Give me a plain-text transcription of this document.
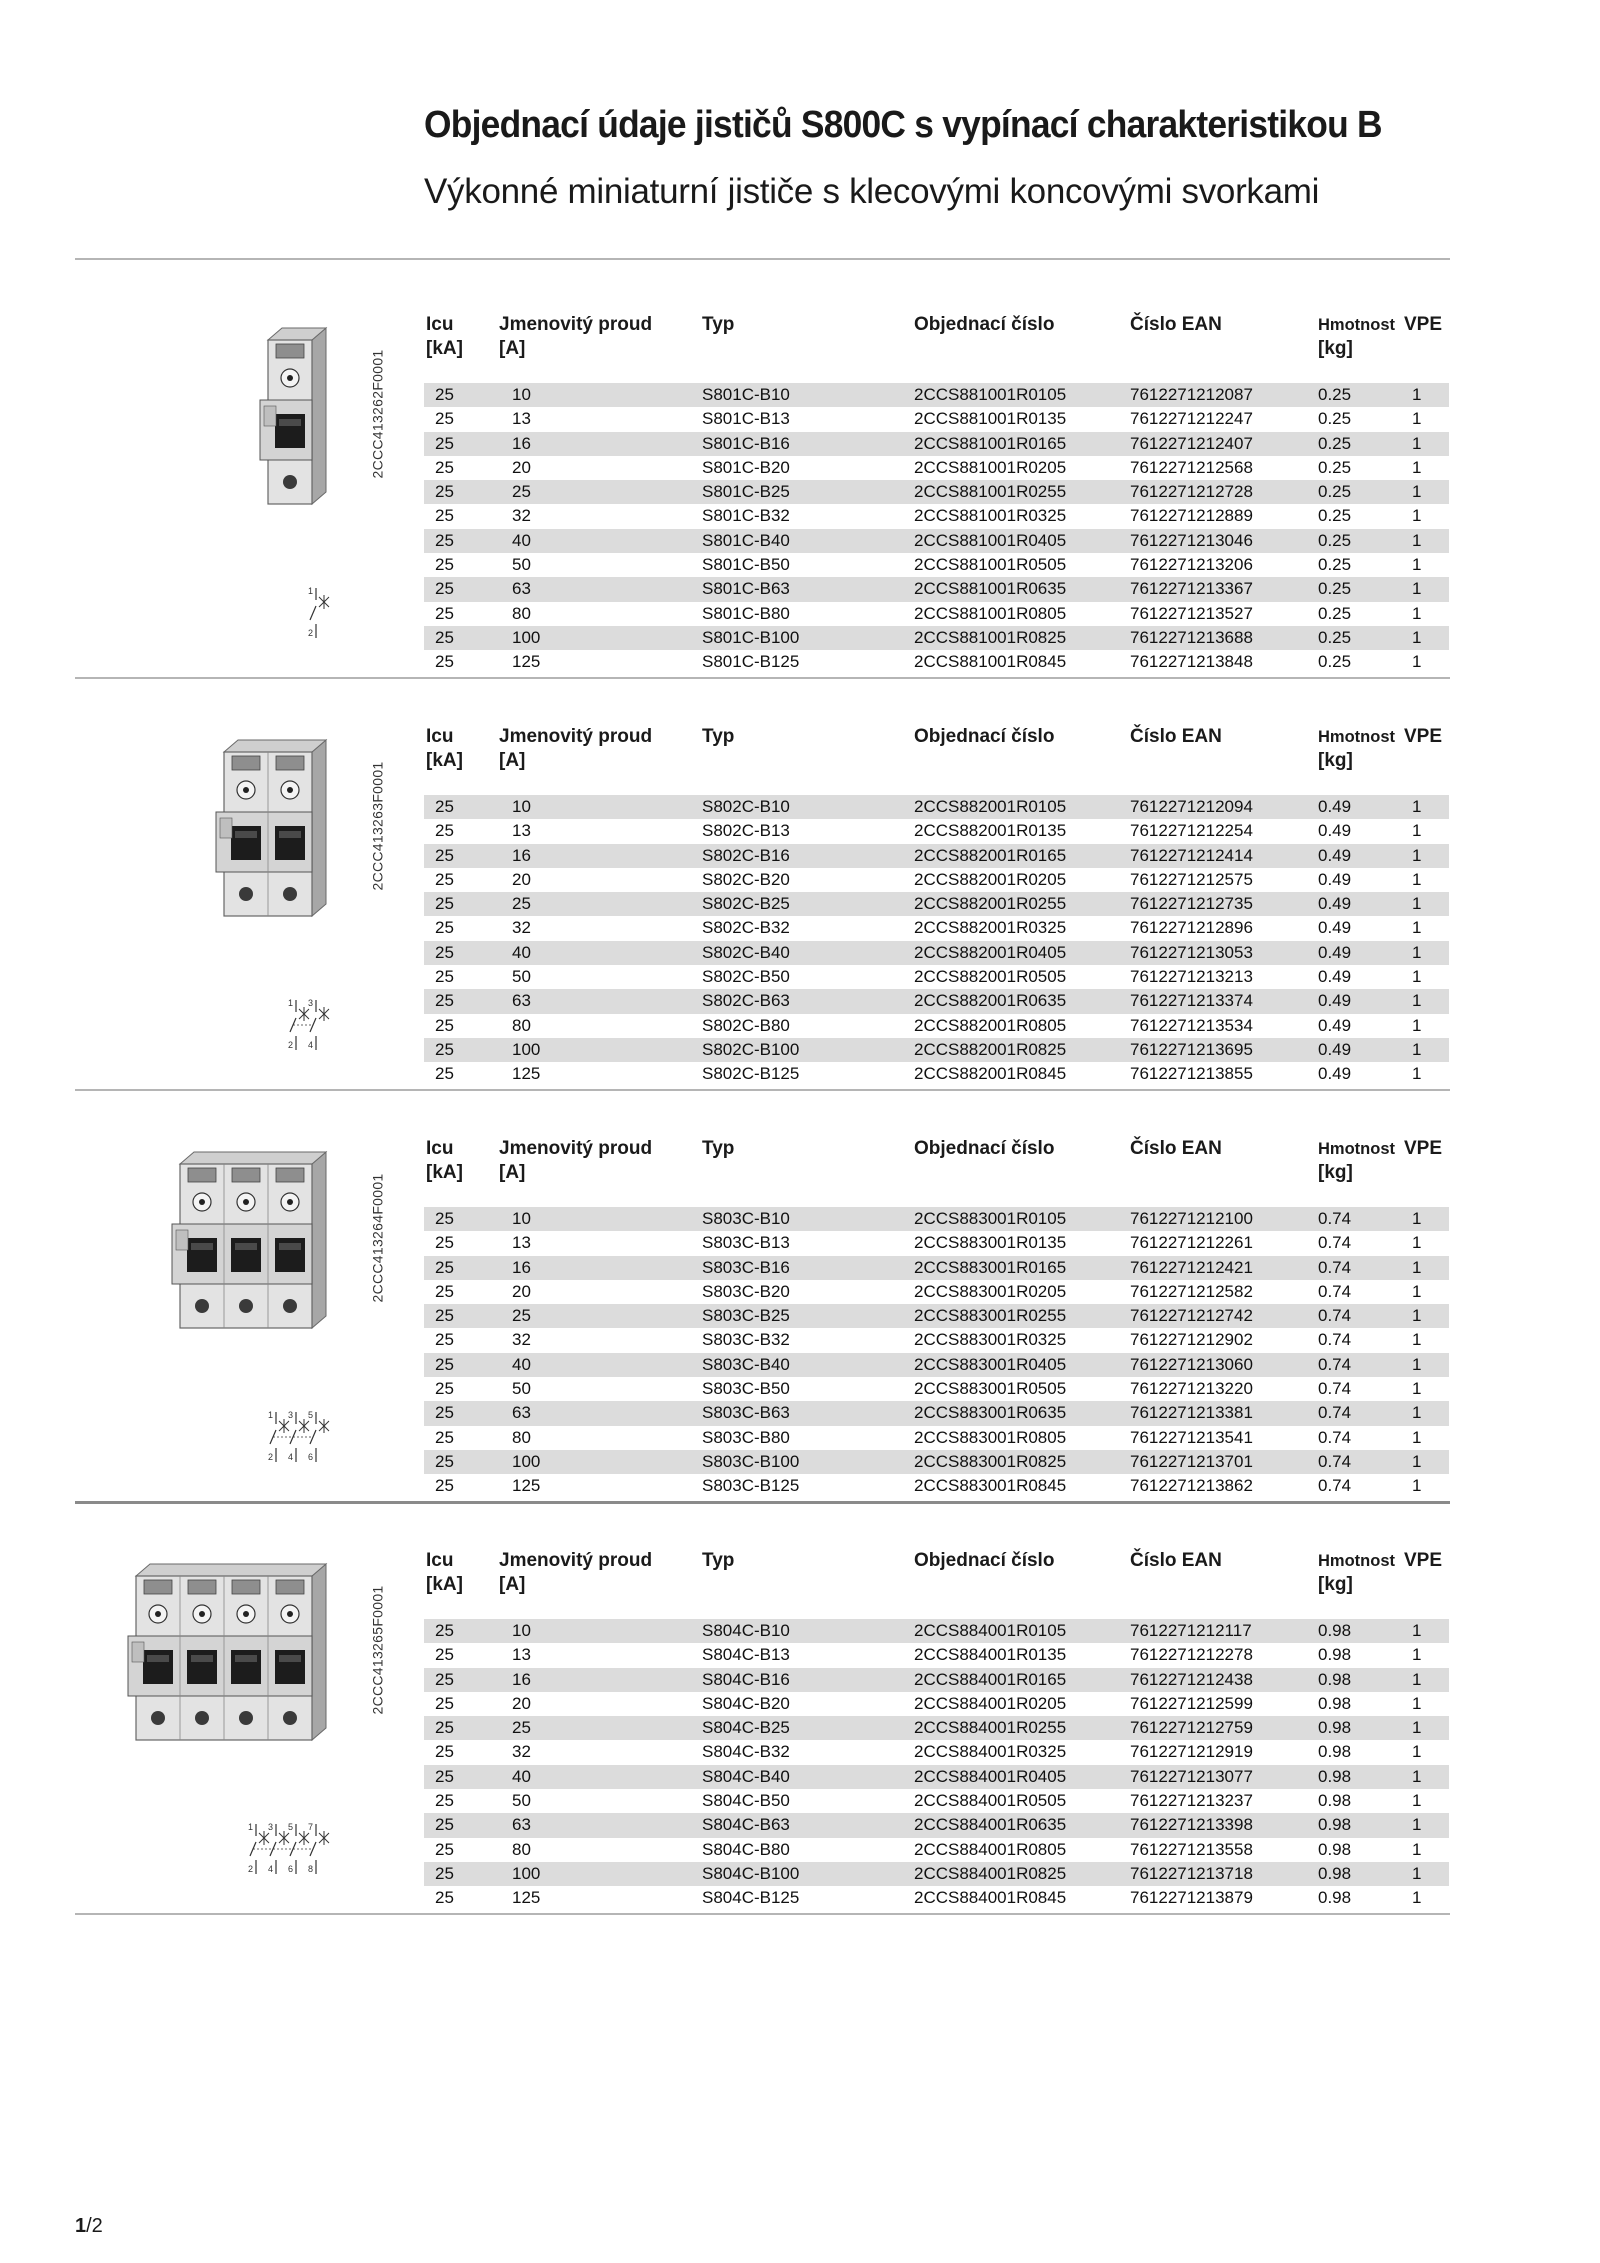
Objednací údaje jističů S800C s vypínací charakteristikou B
Výkonné miniaturní jističe s klecovými koncovými svorkami
2CCC413262F0001
1
2
Icu Jmenovitý proud	Typ	Objednací číslo	Číslo EAN	Hmotnost VPE
[kA] [A]	[kg]
25	10	S801C-B10	2CCS881001R0105	7612271212087	0.25	1
25	13	S801C-B13	2CCS881001R0135	7612271212247	0.25	1
25	16	S801C-B16	2CCS881001R0165	7612271212407	0.25	1
25	20	S801C-B20	2CCS881001R0205	7612271212568	0.25	1
25	25	S801C-B25	2CCS881001R0255	7612271212728	0.25	1
25	32	S801C-B32	2CCS881001R0325	7612271212889	0.25	1
25	40	S801C-B40	2CCS881001R0405	7612271213046	0.25	1
25	50	S801C-B50	2CCS881001R0505	7612271213206	0.25	1
25	63	S801C-B63	2CCS881001R0635	7612271213367	0.25	1
25	80	S801C-B80	2CCS881001R0805	7612271213527	0.25	1
25	100	S801C-B100	2CCS881001R0825	7612271213688	0.25	1
25	125	S801C-B125	2CCS881001R0845	7612271213848	0.25	1
2CCC413263F0001
1
2
3
4
Icu Jmenovitý proud	Typ	Objednací číslo	Číslo EAN	Hmotnost VPE
[kA] [A]	[kg]
25	10	S802C-B10	2CCS882001R0105	7612271212094	0.49	1
25	13	S802C-B13	2CCS882001R0135	7612271212254	0.49	1
25	16	S802C-B16	2CCS882001R0165	7612271212414	0.49	1
25	20	S802C-B20	2CCS882001R0205	7612271212575	0.49	1
25	25	S802C-B25	2CCS882001R0255	7612271212735	0.49	1
25	32	S802C-B32	2CCS882001R0325	7612271212896	0.49	1
25	40	S802C-B40	2CCS882001R0405	7612271213053	0.49	1
25	50	S802C-B50	2CCS882001R0505	7612271213213	0.49	1
25	63	S802C-B63	2CCS882001R0635	7612271213374	0.49	1
25	80	S802C-B80	2CCS882001R0805	7612271213534	0.49	1
25	100	S802C-B100	2CCS882001R0825	7612271213695	0.49	1
25	125	S802C-B125	2CCS882001R0845	7612271213855	0.49	1
2CCC413264F0001
1
2
3
4
5
6
Icu Jmenovitý proud	Typ	Objednací číslo	Číslo EAN	Hmotnost VPE
[kA] [A]	[kg]
25	10	S803C-B10	2CCS883001R0105	7612271212100	0.74	1
25	13	S803C-B13	2CCS883001R0135	7612271212261	0.74	1
25	16	S803C-B16	2CCS883001R0165	7612271212421	0.74	1
25	20	S803C-B20	2CCS883001R0205	7612271212582	0.74	1
25	25	S803C-B25	2CCS883001R0255	7612271212742	0.74	1
25	32	S803C-B32	2CCS883001R0325	7612271212902	0.74	1
25	40	S803C-B40	2CCS883001R0405	7612271213060	0.74	1
25	50	S803C-B50	2CCS883001R0505	7612271213220	0.74	1
25	63	S803C-B63	2CCS883001R0635	7612271213381	0.74	1
25	80	S803C-B80	2CCS883001R0805	7612271213541	0.74	1
25	100	S803C-B100	2CCS883001R0825	7612271213701	0.74	1
25	125	S803C-B125	2CCS883001R0845	7612271213862	0.74	1
2CCC413265F0001
1
2
3
4
5
6
7
8
Icu Jmenovitý proud	Typ	Objednací číslo	Číslo EAN	Hmotnost VPE
[kA] [A]	[kg]
25	10	S804C-B10	2CCS884001R0105	7612271212117	0.98	1
25	13	S804C-B13	2CCS884001R0135	7612271212278	0.98	1
25	16	S804C-B16	2CCS884001R0165	7612271212438	0.98	1
25	20	S804C-B20	2CCS884001R0205	7612271212599	0.98	1
25	25	S804C-B25	2CCS884001R0255	7612271212759	0.98	1
25	32	S804C-B32	2CCS884001R0325	7612271212919	0.98	1
25	40	S804C-B40	2CCS884001R0405	7612271213077	0.98	1
25	50	S804C-B50	2CCS884001R0505	7612271213237	0.98	1
25	63	S804C-B63	2CCS884001R0635	7612271213398	0.98	1
25	80	S804C-B80	2CCS884001R0805	7612271213558	0.98	1
25	100	S804C-B100	2CCS884001R0825	7612271213718	0.98	1
25	125	S804C-B125	2CCS884001R0845	7612271213879	0.98	1
1/2
